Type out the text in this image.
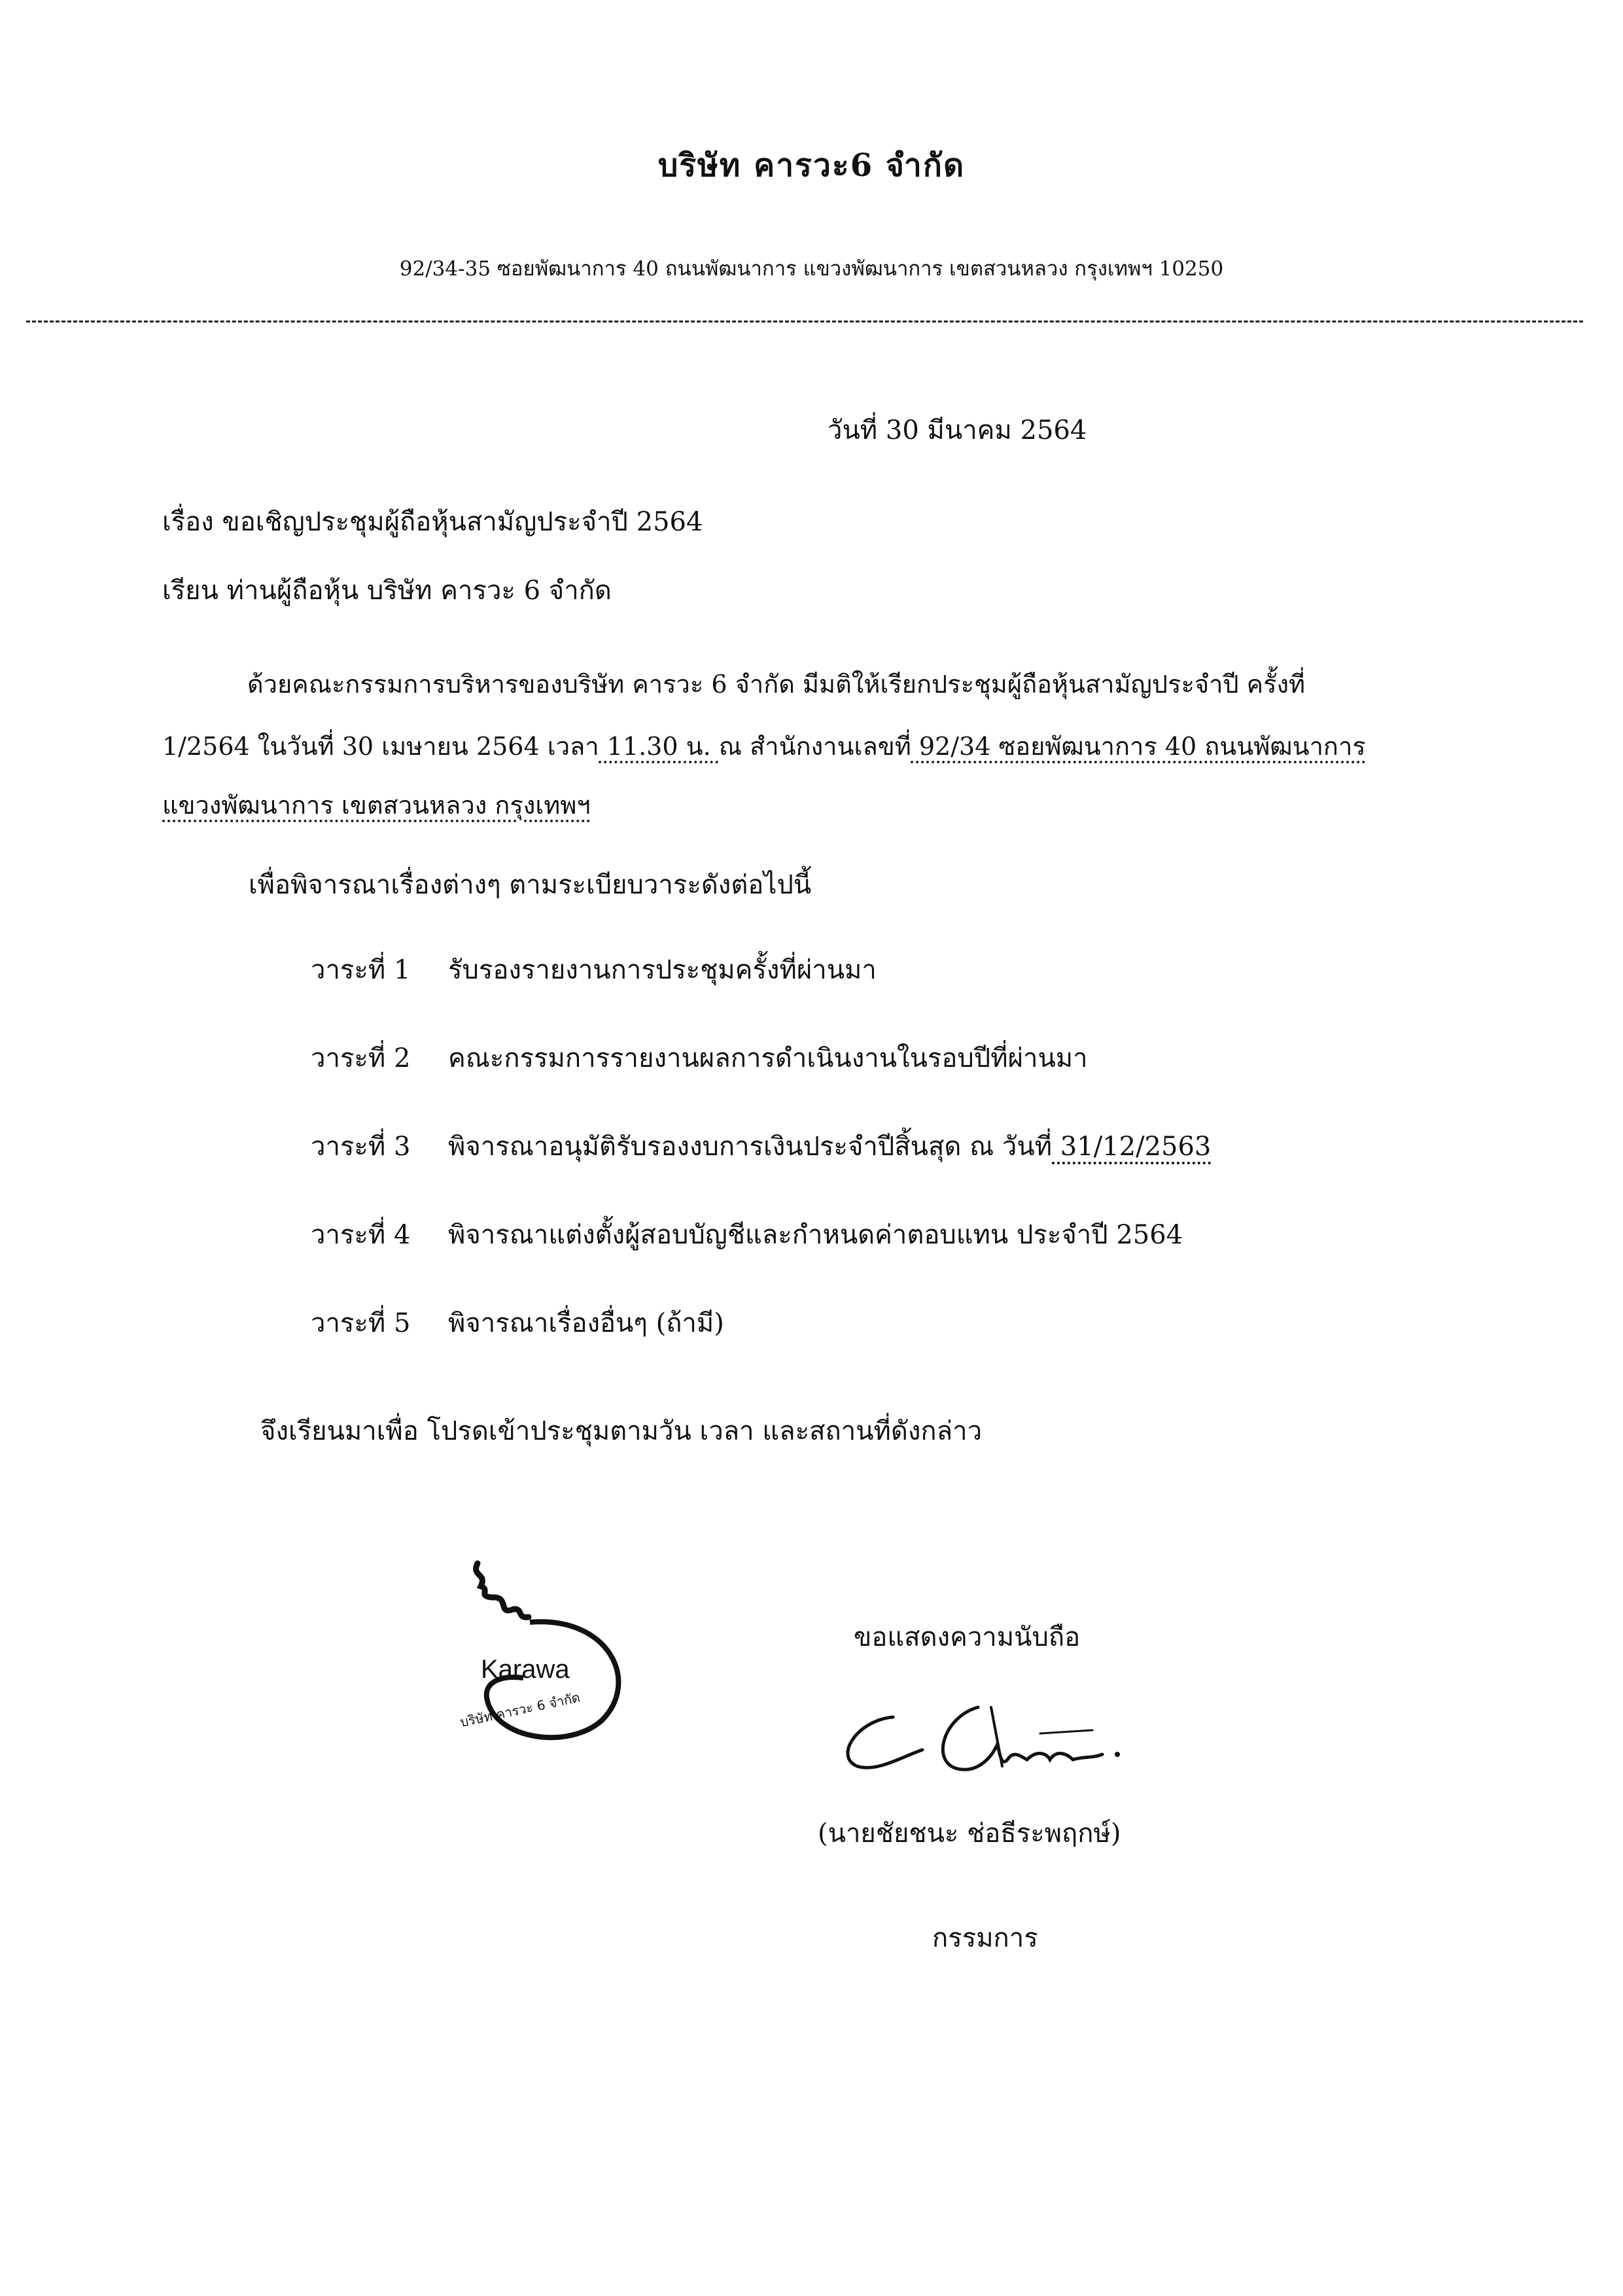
บริษัท คารวะ6 จำกัด
92/34-35 ซอยพัฒนาการ 40 ถนนพัฒนาการ แขวงพัฒนาการ เขตสวนหลวง กรุงเทพฯ 10250
วันที่ 30 มีนาคม 2564
เรื่อง ขอเชิญประชุมผู้ถือหุ้นสามัญประจำปี 2564
เรียน ท่านผู้ถือหุ้น บริษัท คารวะ 6 จำกัด
ด้วยคณะกรรมการบริหารของบริษัท คารวะ 6 จำกัด มีมติให้เรียกประชุมผู้ถือหุ้นสามัญประจำปี ครั้งที่
1/2564 ในวันที่ 30 เมษายน 2564 เวลา 11.30 น. ณ สำนักงานเลขที่ 92/34 ซอยพัฒนาการ 40 ถนนพัฒนาการ
แขวงพัฒนาการ เขตสวนหลวง กรุงเทพฯ
เพื่อพิจารณาเรื่องต่างๆ ตามระเบียบวาระดังต่อไปนี้
วาระที่ 1 รับรองรายงานการประชุมครั้งที่ผ่านมา
วาระที่ 2 คณะกรรมการรายงานผลการดำเนินงานในรอบปีที่ผ่านมา
วาระที่ 3 พิจารณาอนุมัติรับรองงบการเงินประจำปีสิ้นสุด ณ วันที่ 31/12/2563
วาระที่ 4 พิจารณาแต่งตั้งผู้สอบบัญชีและกำหนดค่าตอบแทน ประจำปี 2564
วาระที่ 5 พิจารณาเรื่องอื่นๆ (ถ้ามี)
จึงเรียนมาเพื่อ โปรดเข้าประชุมตามวัน เวลา และสถานที่ดังกล่าว
Karawa
บริษัท คารวะ 6 จำกัด
ขอแสดงความนับถือ
(นายชัยชนะ ช่อธีระพฤกษ์)
กรรมการ
